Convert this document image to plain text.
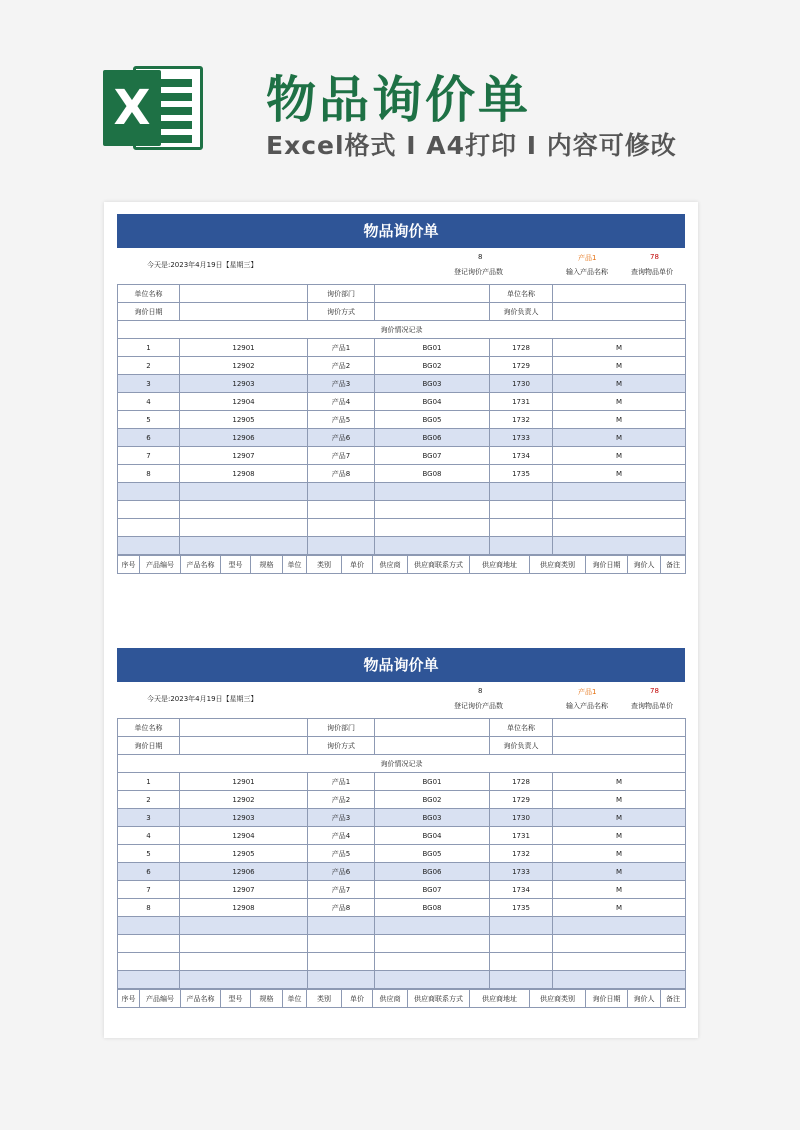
X 物品询价单
Excel格式 I A4打印 I 内容可修改
物品询价单
今天是:2023年4月19日【星期三】
8
登记询价产品数
产品1
输入产品名称
78
查询物品单价
单位名称		询价部门		单位名称		
询价日期		询价方式		询价负责人		
询价情况记录						
1	12901	产品1	BG01	1728	M									
2	12902	产品2	BG02	1729	M									
3	12903	产品3	BG03	1730	M									
4	12904	产品4	BG04	1731	M									
5	12905	产品5	BG05	1732	M									
6	12906	产品6	BG06	1733	M									
7	12907	产品7	BG07	1734	M									
8	12908	产品8	BG08	1735	M									

序号	产品编号	产品名称	型号	规格	单位	类别	单价	供应商	供应商联系方式	供应商地址	供应商类别	询价日期	询价人	备注
物品询价单
今天是:2023年4月19日【星期三】
8
登记询价产品数
产品1
输入产品名称
78
查询物品单价
单位名称		询价部门		单位名称		
询价日期		询价方式		询价负责人		
询价情况记录						
1	12901	产品1	BG01	1728	M									
2	12902	产品2	BG02	1729	M									
3	12903	产品3	BG03	1730	M									
4	12904	产品4	BG04	1731	M									
5	12905	产品5	BG05	1732	M									
6	12906	产品6	BG06	1733	M									
7	12907	产品7	BG07	1734	M									
8	12908	产品8	BG08	1735	M									

序号	产品编号	产品名称	型号	规格	单位	类别	单价	供应商	供应商联系方式	供应商地址	供应商类别	询价日期	询价人	备注
